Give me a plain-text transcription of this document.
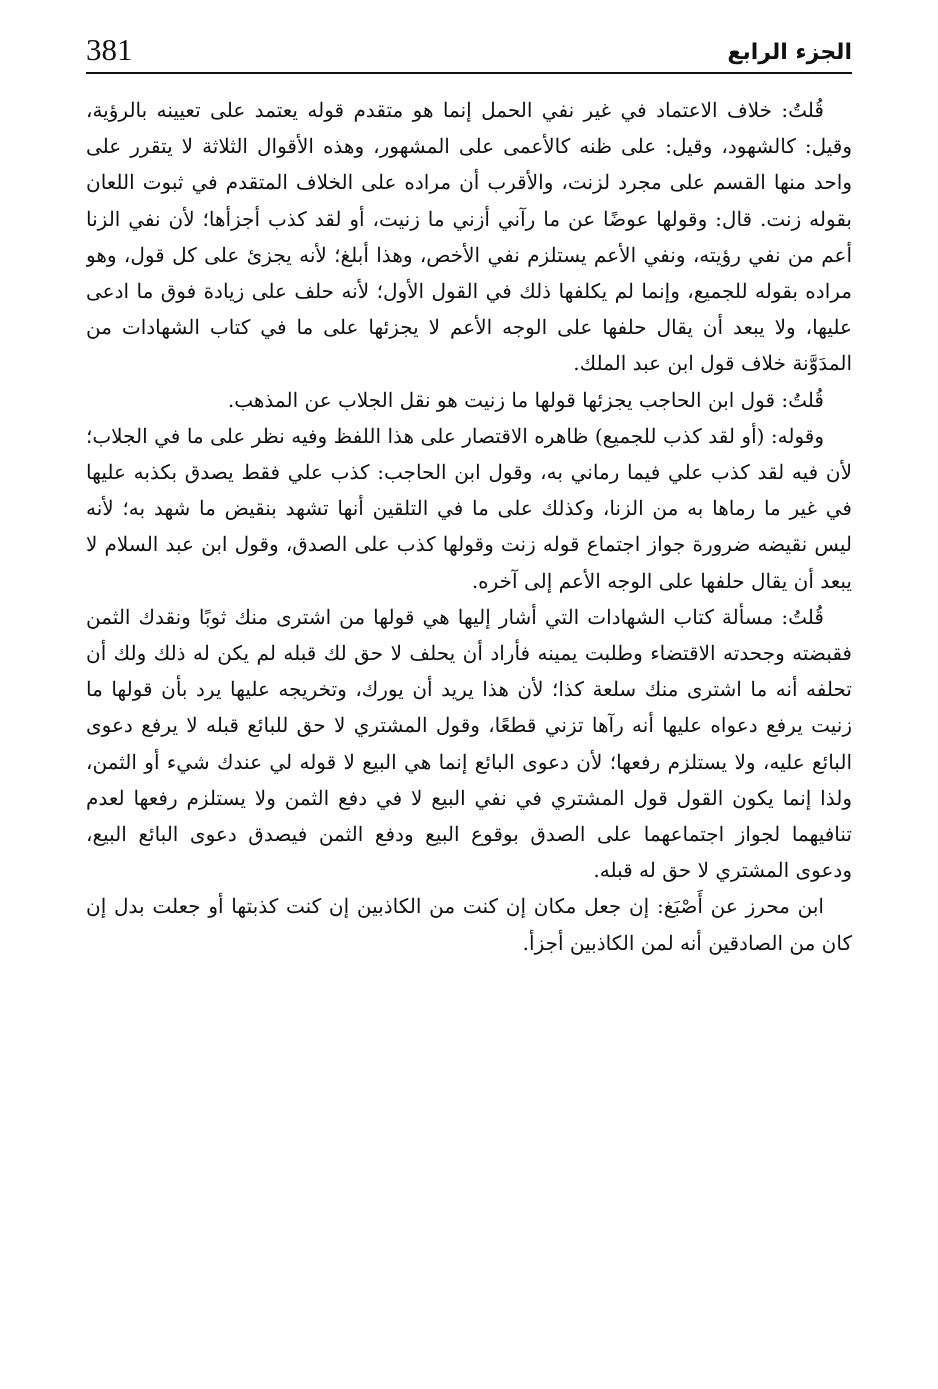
381	الجزء الرابع

قُلتُ: خلاف الاعتماد في غير نفي الحمل إنما هو متقدم قوله يعتمد على تعيينه بالرؤية، وقيل: كالشهود، وقيل: على ظنه كالأعمى على المشهور، وهذه الأقوال الثلاثة لا يتقرر على واحد منها القسم على مجرد لزنت، والأقرب أن مراده على الخلاف المتقدم في ثبوت اللعان بقوله زنت. قال: وقولها عوضًا عن ما رآني أزني ما زنيت، أو لقد كذب أجزأها؛ لأن نفي الزنا أعم من نفي رؤيته، ونفي الأعم يستلزم نفي الأخص، وهذا أبلغ؛ لأنه يجزئ على كل قول، وهو مراده بقوله للجميع، وإنما لم يكلفها ذلك في القول الأول؛ لأنه حلف على زيادة فوق ما ادعى عليها، ولا يبعد أن يقال حلفها على الوجه الأعم لا يجزئها على ما في كتاب الشهادات من المدَوَّنة خلاف قول ابن عبد الملك.

قُلتُ: قول ابن الحاجب يجزئها قولها ما زنيت هو نقل الجلاب عن المذهب.

وقوله: (أو لقد كذب للجميع) ظاهره الاقتصار على هذا اللفظ وفيه نظر على ما في الجلاب؛ لأن فيه لقد كذب علي فيما رماني به، وقول ابن الحاجب: كذب علي فقط يصدق بكذبه عليها في غير ما رماها به من الزنا، وكذلك على ما في التلقين أنها تشهد بنقيض ما شهد به؛ لأنه ليس نقيضه ضرورة جواز اجتماع قوله زنت وقولها كذب على الصدق، وقول ابن عبد السلام لا يبعد أن يقال حلفها على الوجه الأعم إلى آخره.

قُلتُ: مسألة كتاب الشهادات التي أشار إليها هي قولها من اشترى منك ثوبًا ونقدك الثمن فقبضته وجحدته الاقتضاء وطلبت يمينه فأراد أن يحلف لا حق لك قبله لم يكن له ذلك ولك أن تحلفه أنه ما اشترى منك سلعة كذا؛ لأن هذا يريد أن يورك، وتخريجه عليها يرد بأن قولها ما زنيت يرفع دعواه عليها أنه رآها تزني قطعًا، وقول المشتري لا حق للبائع قبله لا يرفع دعوى البائع عليه، ولا يستلزم رفعها؛ لأن دعوى البائع إنما هي البيع لا قوله لي عندك شيء أو الثمن، ولذا إنما يكون القول قول المشتري في نفي البيع لا في دفع الثمن ولا يستلزم رفعها لعدم تنافيهما لجواز اجتماعهما على الصدق بوقوع البيع ودفع الثمن فيصدق دعوى البائع البيع، ودعوى المشتري لا حق له قبله.

ابن محرز عن أَصْبَغ: إن جعل مكان إن كنت من الكاذبين إن كنت كذبتها أو جعلت بدل إن كان من الصادقين أنه لمن الكاذبين أجزأ.
